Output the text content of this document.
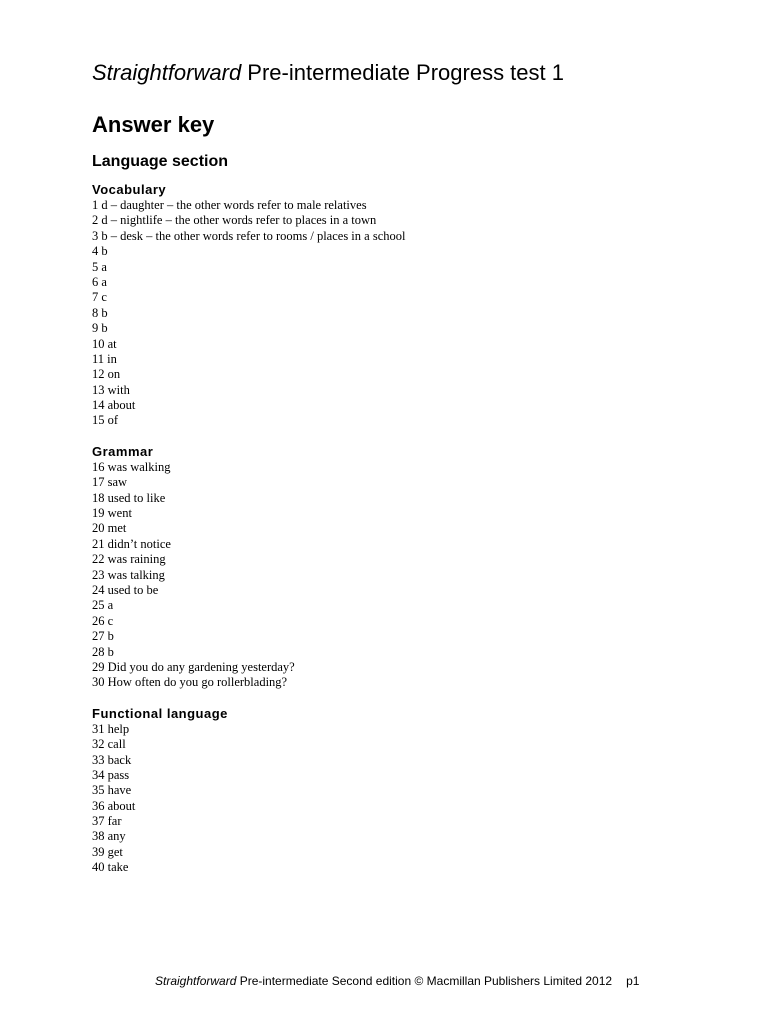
Straightforward Pre-intermediate Progress test 1
Answer key
Language section
Vocabulary
1 d – daughter – the other words refer to male relatives
2 d – nightlife – the other words refer to places in a town
3 b – desk – the other words refer to rooms / places in a school
4 b
5 a
6 a
7 c
8 b
9 b
10 at
11 in
12 on
13 with
14 about
15 of
Grammar
16 was walking
17 saw
18 used to like
19 went
20 met
21 didn’t notice
22 was raining
23 was talking
24 used to be
25 a
26 c
27 b
28 b
29 Did you do any gardening yesterday?
30 How often do you go rollerblading?
Functional language
31 help
32 call
33 back
34 pass
35 have
36 about
37 far
38 any
39 get
40 take
Straightforward Pre-intermediate Second edition © Macmillan Publishers Limited 2012 p1
